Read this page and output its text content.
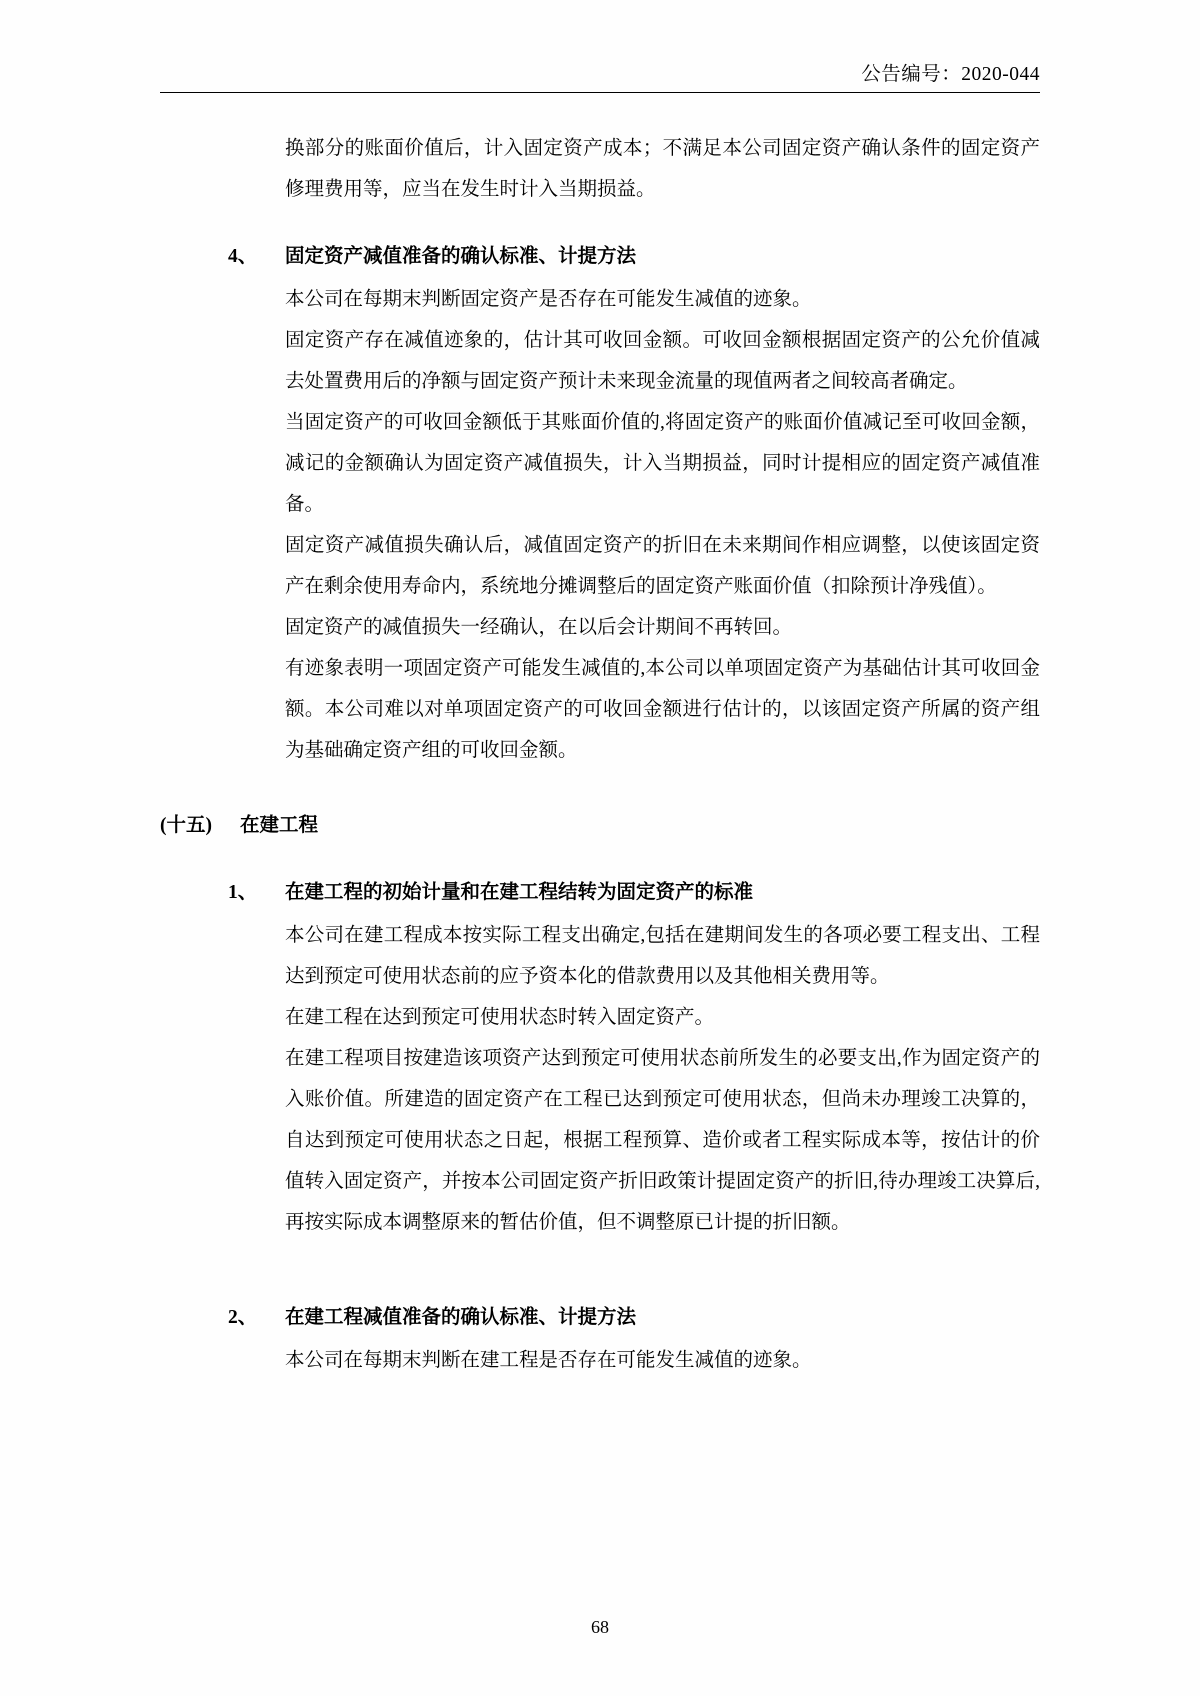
公告编号：2020-044

换部分的账面价值后，计入固定资产成本；不满足本公司固定资产确认条件的固定资产修理费用等，应当在发生时计入当期损益。

4、	固定资产减值准备的确认标准、计提方法

本公司在每期末判断固定资产是否存在可能发生减值的迹象。

固定资产存在减值迹象的，估计其可收回金额。可收回金额根据固定资产的公允价值减去处置费用后的净额与固定资产预计未来现金流量的现值两者之间较高者确定。

当固定资产的可收回金额低于其账面价值的,将固定资产的账面价值减记至可收回金额，减记的金额确认为固定资产减值损失，计入当期损益，同时计提相应的固定资产减值准备。

固定资产减值损失确认后，减值固定资产的折旧在未来期间作相应调整，以使该固定资产在剩余使用寿命内，系统地分摊调整后的固定资产账面价值（扣除预计净残值）。

固定资产的减值损失一经确认，在以后会计期间不再转回。

有迹象表明一项固定资产可能发生减值的,本公司以单项固定资产为基础估计其可收回金额。本公司难以对单项固定资产的可收回金额进行估计的，以该固定资产所属的资产组为基础确定资产组的可收回金额。

(十五)	在建工程
1、	在建工程的初始计量和在建工程结转为固定资产的标准

本公司在建工程成本按实际工程支出确定,包括在建期间发生的各项必要工程支出、工程达到预定可使用状态前的应予资本化的借款费用以及其他相关费用等。

在建工程在达到预定可使用状态时转入固定资产。

在建工程项目按建造该项资产达到预定可使用状态前所发生的必要支出,作为固定资产的入账价值。所建造的固定资产在工程已达到预定可使用状态，但尚未办理竣工决算的，自达到预定可使用状态之日起，根据工程预算、造价或者工程实际成本等，按估计的价值转入固定资产，并按本公司固定资产折旧政策计提固定资产的折旧,待办理竣工决算后,再按实际成本调整原来的暂估价值，但不调整原已计提的折旧额。

2、	在建工程减值准备的确认标准、计提方法

本公司在每期末判断在建工程是否存在可能发生减值的迹象。

68
